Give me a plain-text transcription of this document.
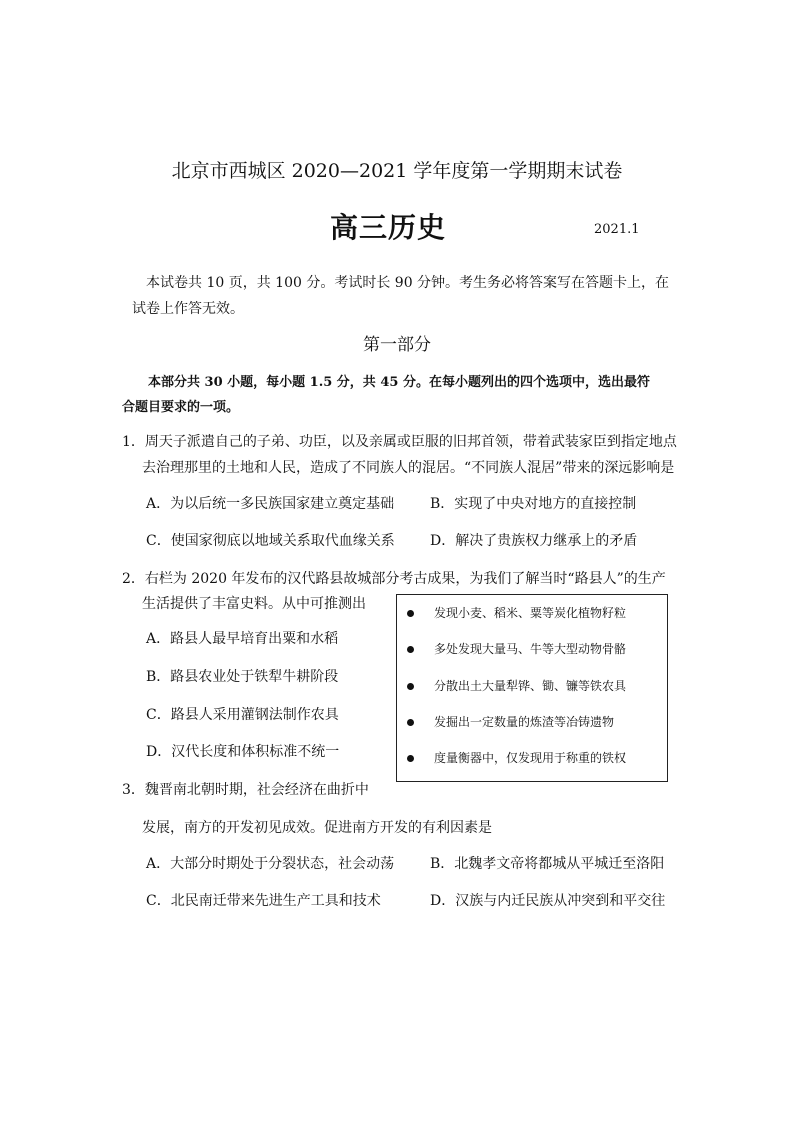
北京市西城区 2020—2021 学年度第一学期期末试卷
高三历史	2021.1
本试卷共 10 页，共 100 分。考试时长 90 分钟。考生务必将答案写在答题卡上，在
试卷上作答无效。
第一部分
本部分共 30 小题，每小题 1.5 分，共 45 分。在每小题列出的四个选项中，选出最符
合题目要求的一项。
1．周天子派遣自己的子弟、功臣，以及亲属或臣服的旧邦首领，带着武装家臣到指定地点
去治理那里的土地和人民，造成了不同族人的混居。“不同族人混居”带来的深远影响是
A．为以后统一多民族国家建立奠定基础	B．实现了中央对地方的直接控制
C．使国家彻底以地域关系取代血缘关系	D．解决了贵族权力继承上的矛盾
2．右栏为 2020 年发布的汉代路县故城部分考古成果，为我们了解当时“路县人”的生产
生活提供了丰富史料。从中可推测出
A．路县人最早培育出粟和水稻
B．路县农业处于铁犁牛耕阶段
C．路县人采用灌钢法制作农具
D．汉代长度和体积标准不统一
发现小麦、稻米、粟等炭化植物籽粒
多处发现大量马、牛等大型动物骨骼
分散出土大量犁铧、锄、镰等铁农具
发掘出一定数量的炼渣等冶铸遗物
度量衡器中，仅发现用于称重的铁权
3．魏晋南北朝时期，社会经济在曲折中
发展，南方的开发初见成效。促进南方开发的有利因素是
A．大部分时期处于分裂状态，社会动荡	B．北魏孝文帝将都城从平城迁至洛阳
C．北民南迁带来先进生产工具和技术	D．汉族与内迁民族从冲突到和平交往
